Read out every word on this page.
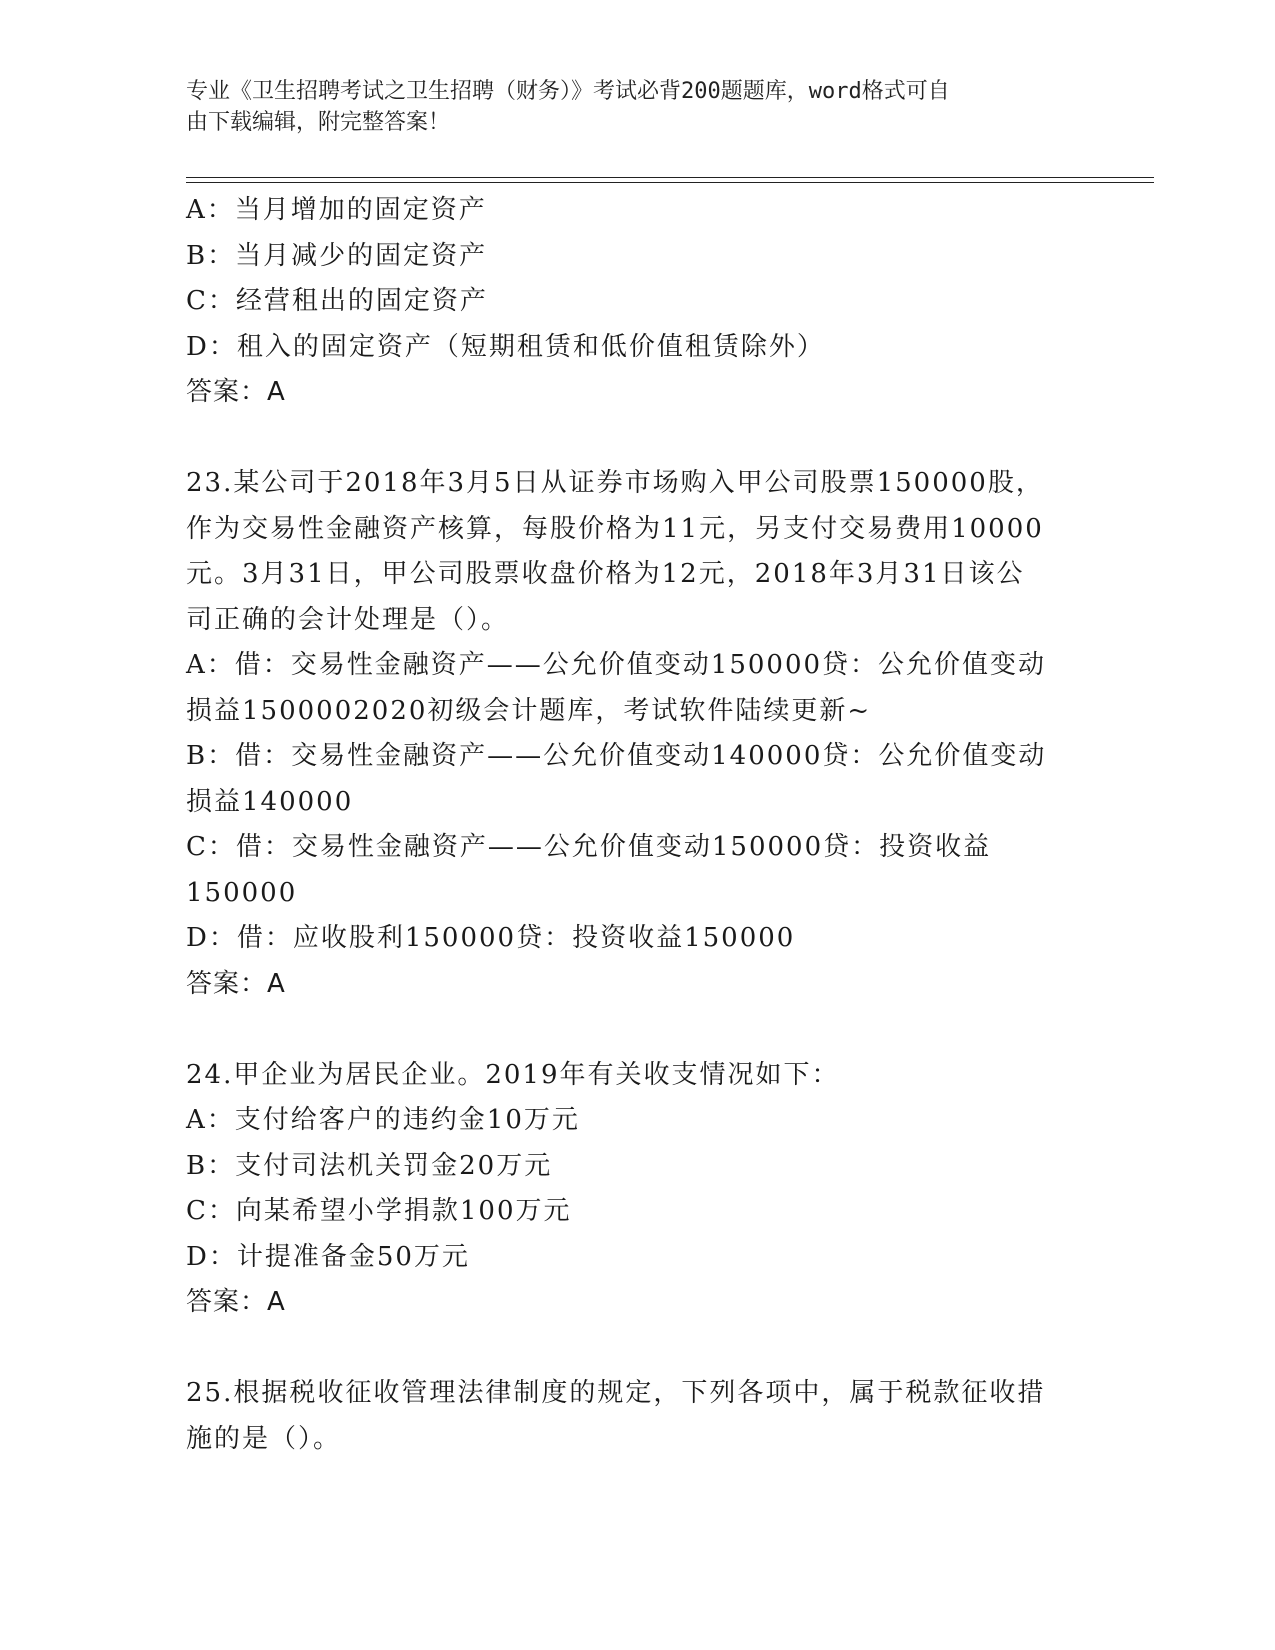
专业《卫生招聘考试之卫生招聘（财务）》考试必背200题题库，word格式可自
由下载编辑，附完整答案！
A：当月增加的固定资产
B：当月减少的固定资产
C：经营租出的固定资产
D：租入的固定资产（短期租赁和低价值租赁除外）
答案：A
23.某公司于2018年3月5日从证券市场购入甲公司股票150000股，
作为交易性金融资产核算，每股价格为11元，另支付交易费用10000
元。3月31日，甲公司股票收盘价格为12元，2018年3月31日该公
司正确的会计处理是（）。
A：借：交易性金融资产——公允价值变动150000贷：公允价值变动
损益1500002020初级会计题库，考试软件陆续更新~
B：借：交易性金融资产——公允价值变动140000贷：公允价值变动
损益140000
C：借：交易性金融资产——公允价值变动150000贷：投资收益
150000
D：借：应收股利150000贷：投资收益150000
答案：A
24.甲企业为居民企业。2019年有关收支情况如下：
A：支付给客户的违约金10万元
B：支付司法机关罚金20万元
C：向某希望小学捐款100万元
D：计提准备金50万元
答案：A
25.根据税收征收管理法律制度的规定，下列各项中，属于税款征收措
施的是（）。
